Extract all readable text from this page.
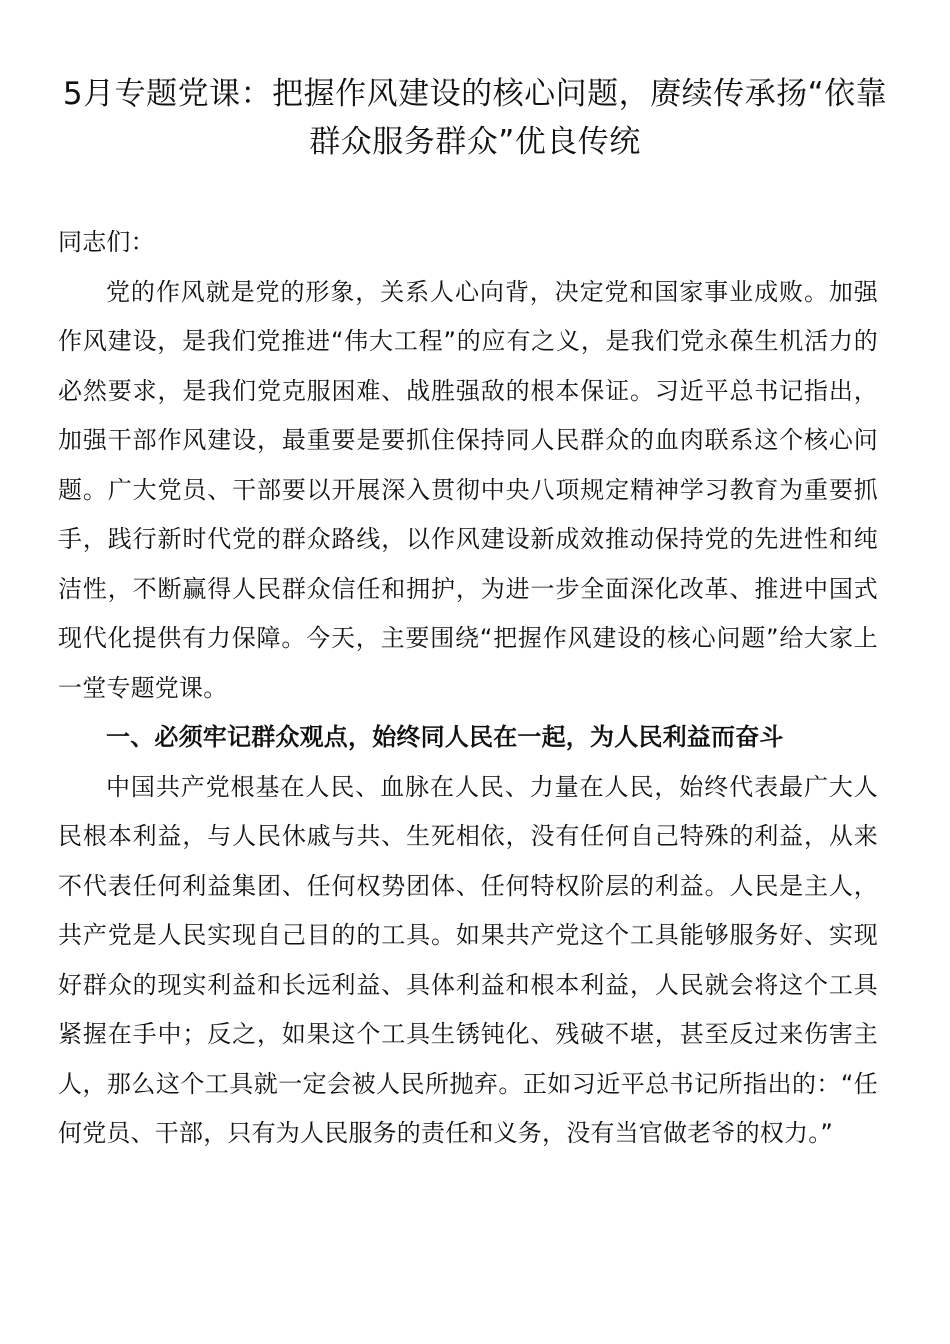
5月专题党课：把握作风建设的核心问题，赓续传承扬“依靠群众服务群众”优良传统

同志们：

党的作风就是党的形象，关系人心向背，决定党和国家事业成败。加强作风建设，是我们党推进“伟大工程”的应有之义，是我们党永葆生机活力的必然要求，是我们党克服困难、战胜强敌的根本保证。习近平总书记指出，加强干部作风建设，最重要是要抓住保持同人民群众的血肉联系这个核心问题。广大党员、干部要以开展深入贯彻中央八项规定精神学习教育为重要抓手，践行新时代党的群众路线，以作风建设新成效推动保持党的先进性和纯洁性，不断赢得人民群众信任和拥护，为进一步全面深化改革、推进中国式现代化提供有力保障。今天，主要围绕“把握作风建设的核心问题”给大家上一堂专题党课。

一、必须牢记群众观点，始终同人民在一起，为人民利益而奋斗

中国共产党根基在人民、血脉在人民、力量在人民，始终代表最广大人民根本利益，与人民休戚与共、生死相依，没有任何自己特殊的利益，从来不代表任何利益集团、任何权势团体、任何特权阶层的利益。人民是主人，共产党是人民实现自己目的的工具。如果共产党这个工具能够服务好、实现好群众的现实利益和长远利益、具体利益和根本利益，人民就会将这个工具紧握在手中；反之，如果这个工具生锈钝化、残破不堪，甚至反过来伤害主人，那么这个工具就一定会被人民所抛弃。正如习近平总书记所指出的：“任何党员、干部，只有为人民服务的责任和义务，没有当官做老爷的权力。”
